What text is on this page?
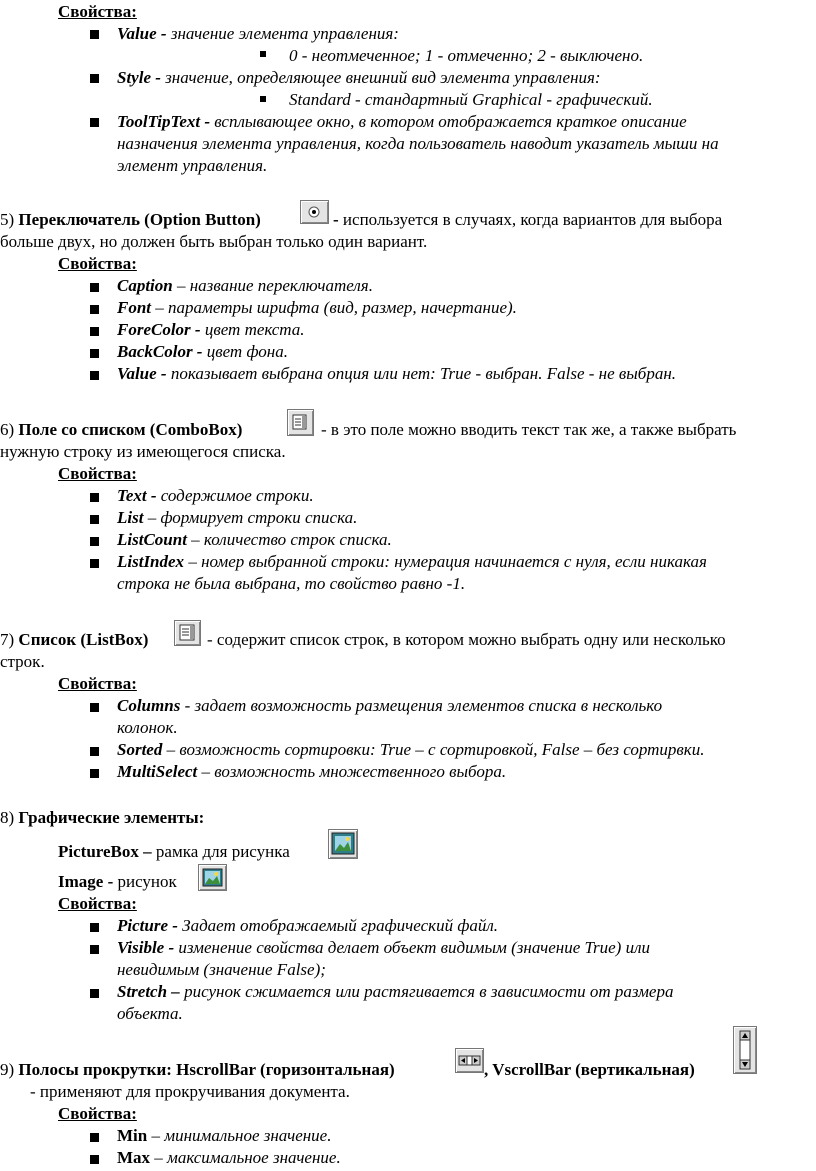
Свойства:
Value - значение элемента управления:
0 - неотмеченное; 1 - отмеченно; 2 - выключено.
Style - значение, определяющее внешний вид элемента управления:
Standard - стандартный Graphical - графический.
ToolTipText - всплывающее окно, в котором отображается краткое описание
назначения элемента управления, когда пользователь наводит указатель мыши на
элемент управления.
5) Переключатель (Option Button)	- используется в случаях, когда вариантов для выбора
больше двух, но должен быть выбран только один вариант.
Свойства:
Caption – название переключателя.
Font – параметры шрифта (вид, размер, начертание).
ForeColor - цвет текста.
BackColor - цвет фона.
Value - показывает выбрана опция или нет: True - выбран. False - не выбран.
6) Поле со списком (ComboBox)	- в это поле можно вводить текст так же, а также выбрать
нужную строку из имеющегося списка.
Свойства:
Text - содержимое строки.
List – формирует строки списка.
ListCount – количество строк списка.
ListIndex – номер выбранной строки: нумерация начинается с нуля, если никакая
строка не была выбрана, то свойство равно -1.
7) Список (ListBox)	- содержит список строк, в котором можно выбрать одну или несколько
строк.
Свойства:
Columns - задает возможность размещения элементов списка в несколько
колонок.
Sorted – возможность сортировки: True – с сортировкой, False – без сортирвки.
MultiSelect – возможность множественного выбора.
8) Графические элементы:
PictureBox – рамка для рисунка
Image - рисунок
Свойства:
Picture - Задает отображаемый графический файл.
Visible - изменение свойства делает объект видимым (значение True) или
невидимым (значение False);
Stretch – рисунок сжимается или растягивается в зависимости от размера
объекта.
9) Полосы прокрутки: HscrollBar (горизонтальная)	, VscrollBar (вертикальная)
- применяют для прокручивания документа.
Свойства:
Min – минимальное значение.
Max – максимальное значение.
